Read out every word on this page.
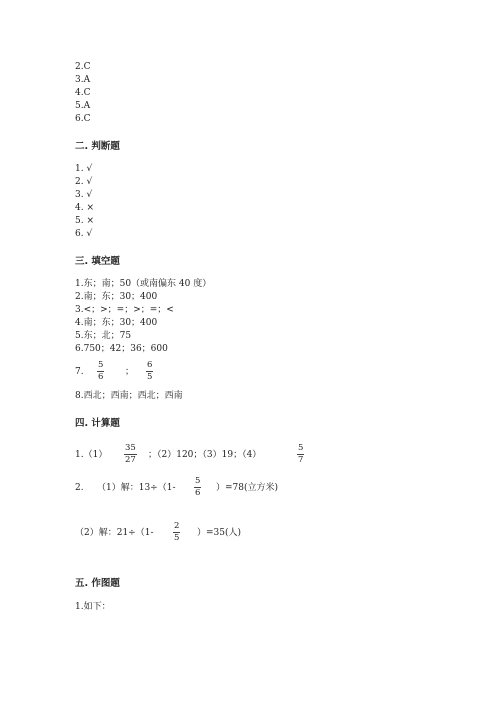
2.C
3.A
4.C
5.A
6.C
二. 判断题
1. √
2. √
3. √
4. ×
5. ×
6. √
三. 填空题
1.东；南；50（或南偏东 40 度）
2.南；东；30；400
3.<；>；=；>；=；<
4.南；东；30；400
5.东；北；75
6.750；42；36；600
7. $\frac{5}{6}$ ； $\frac{6}{5}$
8.西北；西南；西北；西南
四. 计算题
$1.(1) \frac{35}{27}$ ；（2）120；（3）19；（4）	$\frac{5}{7}$
2. （1）解：$13\div(1- \frac{5}{6} )=78$(立方米)
（2）解：$21\div(1- \frac{2}{5} )=35$(人)
五. 作图题
1.如下：
